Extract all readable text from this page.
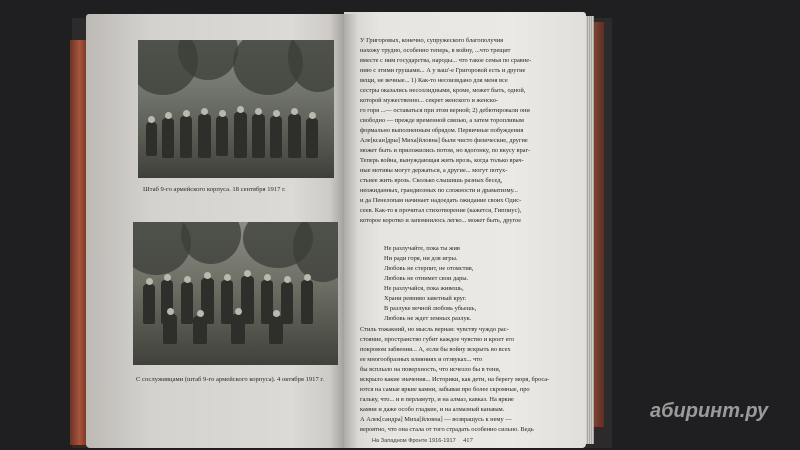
Штаб 9-го армейского корпуса. 18 сентября 1917 г.
С сослуживцами (штаб 9-го армейского корпуса). 4 октября 1917 г.
У Григоровых, конечно, супружеского благополучия
нахожу трудно, особенно теперь, в войну, ...что трещит
вместе с ним государства, народы... что такое семья по сравне-
нию с этими грушами... А у ваш'-е Григоровой есть и другие
вещи, не вечные... 1) Как-то несоизвдано для меня все
сестры оказались несоллидными, кроме, может быть, одной,
которой мужественно... секрет женского и женско-
го горя ...— оставаться при этом верной; 2) дебютировали они
свободно — прежде временной связью, а затем торопливым
формально выполненным обрядом. Первичные побуждения
Але[ксан]дры] Миха[йловна] были чисто физические, другие
может быть и приложились потом, но вдогонку, по вкусу враг-
Теперь война, вынуждающая жить врозь, когда только врач-
ные мотивы могут держаться, а другие... могут потух-
стьнее жить врозь. Сколько слышишь разных бесед,
неожиданных, грандиозных по сложности и драматизму...
и да Пенелопам начинает надоедать ожидание своих Одис-
сеев. Как-то я прочитал стихотворение (кажется, Гиппиус),
которое коротко и запомнилось легко... может быть, другое
Не разлучайте, пока ты жив
Ни ради горя, ни для игры.
Любовь не стерпит, не отомстив,
Любовь не отнимет свои дары.
Не разлучайся, пока живешь,
Храни ревниво заветный круг.
В разлуке вечной любовь убьешь,
Любовь не ждет земных разлук.
Стиль тожакний, но мысль верная: чувству чуждо рас-
стояние, пространство губит каждое чувство и кроет его
покровом забвения... А, если бы войну вскрыть во всех
ее многообразных влияниях и отзвуках... что
бы всплыло на поверхность, что исчезло бы в тени,
вскрыло какие значения... Историки, как дети, на берегу моря, броса-
ются на самые яркие камни, забывая про более скромные, про
гальку, что... и в перламутр, и на алмаз, кавказ. На яркие
камни и даже особо гладкие, и на алмазный канавам.
А Алек[сандра] Миха[йловна] — возвращусь к нему —
вероятно, что она стала от того страдать особенно сильно. Ведь
На Западном Фронте 1916-1917 417
абиринт.ру
